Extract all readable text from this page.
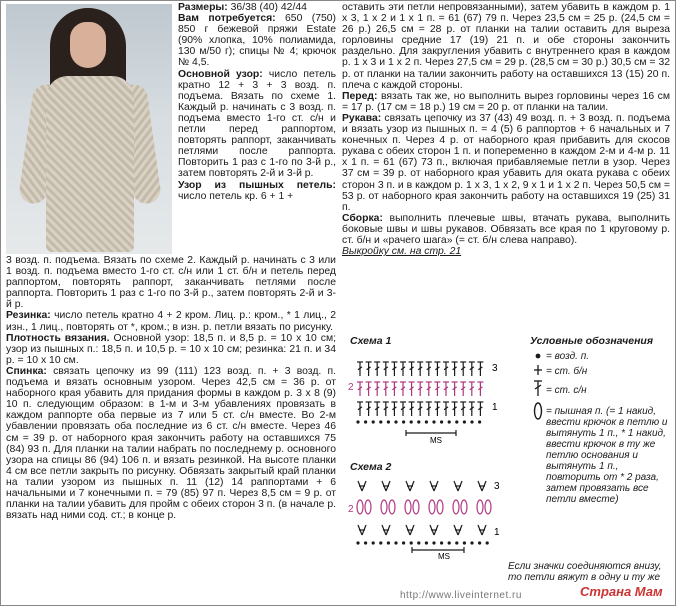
Размеры: 36/38 (40) 42/44

Вам потребуется: 650 (750) 850 г бежевой пряжи Estate (90% хлопка, 10% полиамида, 130 м/50 г); спицы № 4; крючок № 4,5.

Основной узор: число петель кратно 12 + 3 + 3 возд. п. подъема. Вязать по схеме 1. Каждый р. начинать с 3 возд. п. подъема вместо 1-го ст. с/н и петли перед раппортом, повторять раппорт, заканчивать петлями после раппорта. Повторить 1 раз с 1-го по 3-й р., затем повторять 2-й и 3-й р.

Узор из пышных петель: число петель кр. 6 + 1 +

3 возд. п. подъема. Вязать по схеме 2. Каждый р. начинать с 3 или 1 возд. п. подъема вместо 1-го ст. с/н или 1 ст. б/н и петель перед раппортом, повторять раппорт, заканчивать петлями после раппорта. Повторить 1 раз с 1-го по 3-й р., затем повторять 2-й и 3-й р.

Резинка: число петель кратно 4 + 2 кром. Лиц. р.: кром., * 1 лиц., 2 изн., 1 лиц., повторять от *, кром.; в изн. р. петли вязать по рисунку.

Плотность вязания. Основной узор: 18,5 п. и 8,5 р. = 10 х 10 см; узор из пышных п.: 18,5 п. и 10,5 р. = 10 х 10 см; резинка: 21 п. и 34 р. = 10 х 10 см.

Спинка: связать цепочку из 99 (111) 123 возд. п. + 3 возд. п. подъема и вязать основным узором. Через 42,5 см = 36 р. от наборного края убавить для придания формы в каждом р. 3 х 8 (9) 10 п. следующим образом: в 1-м и 3-м убавлениях провязать в каждом раппорте оба первые из 7 или 5 ст. с/н вместе. Во 2-м убавлении провязать оба последние из 6 ст. с/н вместе. Через 46 см = 39 р. от наборного края закончить работу на оставшихся 75 (84) 93 п. Для планки на талии набрать по последнему р. основного узора на спицы 86 (94) 106 п. и вязать резинкой. На высоте планки 4 см все петли закрыть по рисунку. Обвязать закрытый край планки на талии узором из пышных п. 11 (12) 14 раппортами + 6 начальными и 7 конечными п. = 79 (85) 97 п. Через 8,5 см = 9 р. от планки на талии убавить для пройм с обеих сторон 3 п. (в начале р. вязать над ними сод. ст.; в конце р.

оставить эти петли непровязанными), затем убавить в каждом р. 1 х 3, 1 х 2 и 1 х 1 п. = 61 (67) 79 п. Через 23,5 см = 25 р. (24,5 см = 26 р.) 26,5 см = 28 р. от планки на талии оставить для выреза горловины средние 17 (19) 21 п. и обе стороны закончить раздельно. Для закругления убавить с внутреннего края в каждом р. 1 х 3 и 1 х 2 п. Через 27,5 см = 29 р. (28,5 см = 30 р.) 30,5 см = 32 р. от планки на талии закончить работу на оставшихся 13 (15) 20 п. плеча с каждой стороны.

Перед: вязать так же, но выполнить вырез горловины через 16 см = 17 р. (17 см = 18 р.) 19 см = 20 р. от планки на талии.

Рукава: связать цепочку из 37 (43) 49 возд. п. + 3 возд. п. подъема и вязать узор из пышных п. = 4 (5) 6 раппортов + 6 начальных и 7 конечных п. Через 4 р. от наборного края прибавить для скосов рукава с обеих сторон 1 п. и попеременно в каждом 2-м и 4-м р. 11 х 1 п. = 61 (67) 73 п., включая прибавляемые петли в узор. Через 37 см = 39 р. от наборного края убавить для оката рукава с обеих сторон 3 п. и в каждом р. 1 х 3, 1 х 2, 9 х 1 и 1 х 2 п. Через 50,5 см = 53 р. от наборного края закончить работу на оставшихся 19 (25) 31 п.

Сборка: выполнить плечевые швы, втачать рукава, выполнить боковые швы и швы рукавов. Обвязать все края по 1 круговому р. ст. б/н и «рачего шага» (= ст. б/н слева направо).

Выкройку см. на стр. 21

Схема 1
3
2
1
MS
Схема 2
3
2
1
MS
Условные обозначения
= возд. п.
= ст. б/н
= ст. с/н
= пышная п. (= 1 накид, ввести крючок в петлю и вытянуть 1 п., * 1 накид, ввести крючок в ту же петлю основания и вытянуть 1 п., повторить от * 2 раза, затем провязать все петли вместе)
Если значки соединяются внизу, то петли вяжут в одну и ту же
http://www.liveinternet.ru	Страна Мам
